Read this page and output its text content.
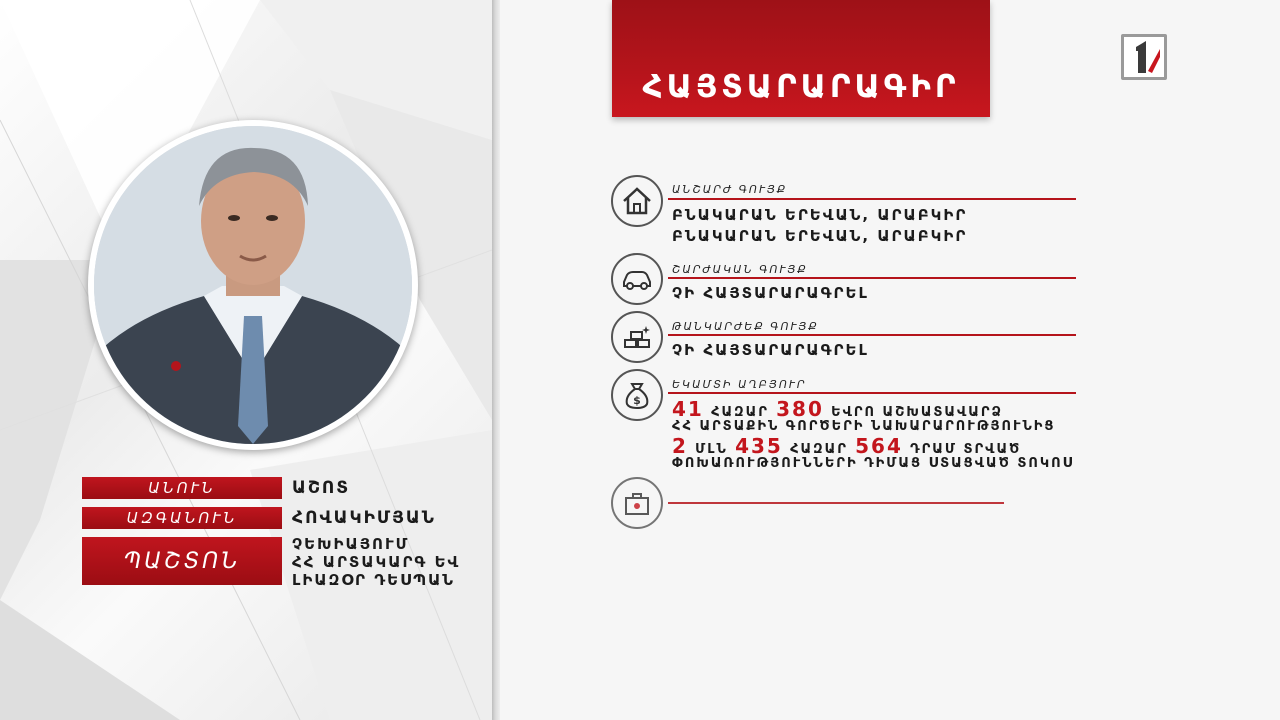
ԱՆՈՒՆ	ԱՇՈՏ
ԱԶԳԱՆՈՒՆ	ՀՈՎԱԿԻՄՅԱՆ
ՊԱՇՏՈՆ
ՉԵԽԻԱՅՈՒՄ
ՀՀ ԱՐՏԱԿԱՐԳ ԵՎ
ԼԻԱԶՕՐ ԴԵՍՊԱՆ
ՀԱՅՏԱՐԱՐԱԳԻՐ
ԱՆՇԱՐԺ ԳՈՒՅՔ
ԲՆԱԿԱՐԱՆ ԵՐԵՎԱՆ, ԱՐԱԲԿԻՐ
ԲՆԱԿԱՐԱՆ ԵՐԵՎԱՆ, ԱՐԱԲԿԻՐ
ՇԱՐԺԱԿԱՆ ԳՈՒՅՔ
ՉԻ ՀԱՅՏԱՐԱՐԱԳՐԵԼ
ԹԱՆԿԱՐԺԵՔ ԳՈՒՅՔ
ՉԻ ՀԱՅՏԱՐԱՐԱԳՐԵԼ
$
ԵԿԱՄՏԻ ԱՂԲՅՈՒՐ
41 ՀԱԶԱՐ 380 ԵՎՐՈ ԱՇԽԱՏԱՎԱՐՁ
ՀՀ ԱՐՏԱՔԻՆ ԳՈՐԾԵՐԻ ՆԱԽԱՐԱՐՈՒԹՅՈՒՆԻՑ
2 ՄԼՆ 435 ՀԱԶԱՐ 564 ԴՐԱՄ ՏՐՎԱԾ
ՓՈԽԱՌՈՒԹՅՈՒՆՆԵՐԻ ԴԻՄԱՑ ՍՏԱՑՎԱԾ ՏՈԿՈՍ
